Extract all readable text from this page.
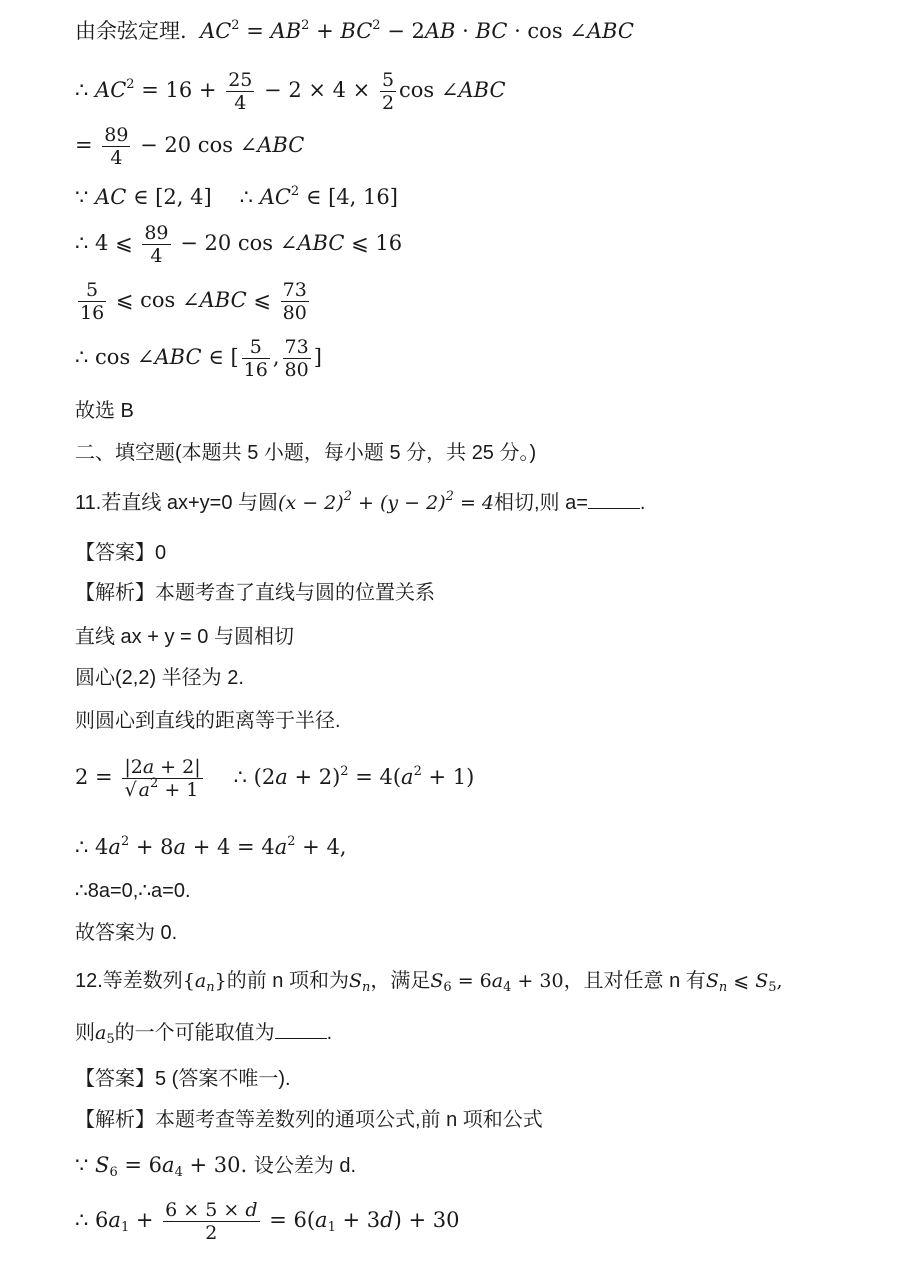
由余弦定理. $AC^2 = AB^2 + BC^2 - 2AB$ · BC · cos ∠ABC
∴ $AC^2 = 16 + \frac{25}{4} - 2 \times 4 \times \frac{5}{2}$ cos ∠ABC
= $\frac{89}{4} - 20$ cos ∠ABC
∵ AC ∈ [2, 4] ∴ $AC^2$ ∈ [4, 16]
∴ 4 ⩽ $\frac{89}{4} - 20$ cos ∠ABC ⩽ 16
$\frac{5}{16}$ ⩽ cos ∠ABC ⩽ $\frac{73}{80}$
∴ cos ∠ABC ∈ [ $\frac{5}{16}$ , $\frac{73}{80}$ ]
故选 B
二、填空题(本题共 5 小题，每小题 5 分，共 25 分。)
11.若直线 ax+y=0 与圆$(x - 2)^2 + (y - 2)^2 = 4$相切,则 a=	.
【答案】0
【解析】本题考查了直线与圆的位置关系
直线 ax + y = 0 与圆相切
圆心(2,2) 半径为 2.
则圆心到直线的距离等于半径.
$2 = \frac{|2a + 2|}{√ a^2 + 1}$ ∴ $(2a + 2)^2 = 4(a^2 + 1)$
∴ $4a^2 + 8a + 4 = 4a^2 + 4$,
∴8a=0,∴a=0.
故答案为 0.
12.等差数列$\{a_n\}$的前 n 项和为$S_n$，满足$S_6 = 6a_4 + 30$，且对任意 n 有$S_n$ ⩽ $S_5$,
则$a_5$的一个可能取值为	.
【答案】5 (答案不唯一).
【解析】本题考查等差数列的通项公式,前 n 项和公式
∵ $S_6 = 6a_4 + 30$. 设公差为 d.
∴ $6a_1 + \frac{6 \times 5 \times d}{2} = 6(a_1 + 3d) + 30$
